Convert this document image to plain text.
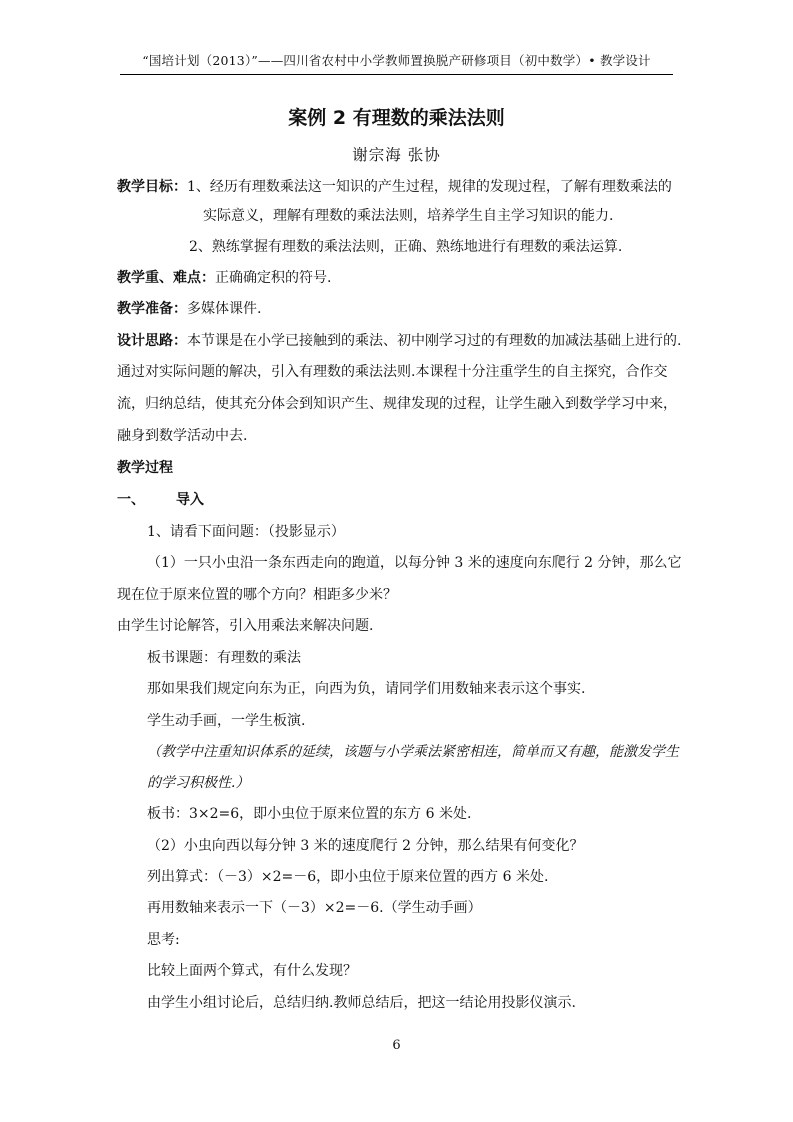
“国培计划（2013）”——四川省农村中小学教师置换脱产研修项目（初中数学）• 教学设计
案例 2 有理数的乘法法则
谢宗海 张协
教学目标：1、经历有理数乘法这一知识的产生过程，规律的发现过程，了解有理数乘法的
实际意义，理解有理数的乘法法则，培养学生自主学习知识的能力.
2、熟练掌握有理数的乘法法则，正确、熟练地进行有理数的乘法运算.
教学重、难点：正确确定积的符号.
教学准备：多媒体课件.
设计思路：本节课是在小学已接触到的乘法、初中刚学习过的有理数的加减法基础上进行的.
通过对实际问题的解决，引入有理数的乘法法则.本课程十分注重学生的自主探究，合作交
流，归纳总结，使其充分体会到知识产生、规律发现的过程，让学生融入到数学学习中来，
融身到数学活动中去.
教学过程
一、 导入
1、请看下面问题：（投影显示）
（1）一只小虫沿一条东西走向的跑道，以每分钟 3 米的速度向东爬行 2 分钟，那么它
现在位于原来位置的哪个方向？相距多少米？
由学生讨论解答，引入用乘法来解决问题.
板书课题：有理数的乘法
那如果我们规定向东为正，向西为负，请同学们用数轴来表示这个事实.
学生动手画，一学生板演.
（教学中注重知识体系的延续，该题与小学乘法紧密相连，简单而又有趣，能激发学生
的学习积极性.）
板书：3×2=6，即小虫位于原来位置的东方 6 米处.
（2）小虫向西以每分钟 3 米的速度爬行 2 分钟，那么结果有何变化？
列出算式：（－3）×2=－6，即小虫位于原来位置的西方 6 米处.
再用数轴来表示一下（－3）×2=－6.（学生动手画）
思考:
比较上面两个算式，有什么发现？
由学生小组讨论后，总结归纳.教师总结后，把这一结论用投影仪演示.
6
